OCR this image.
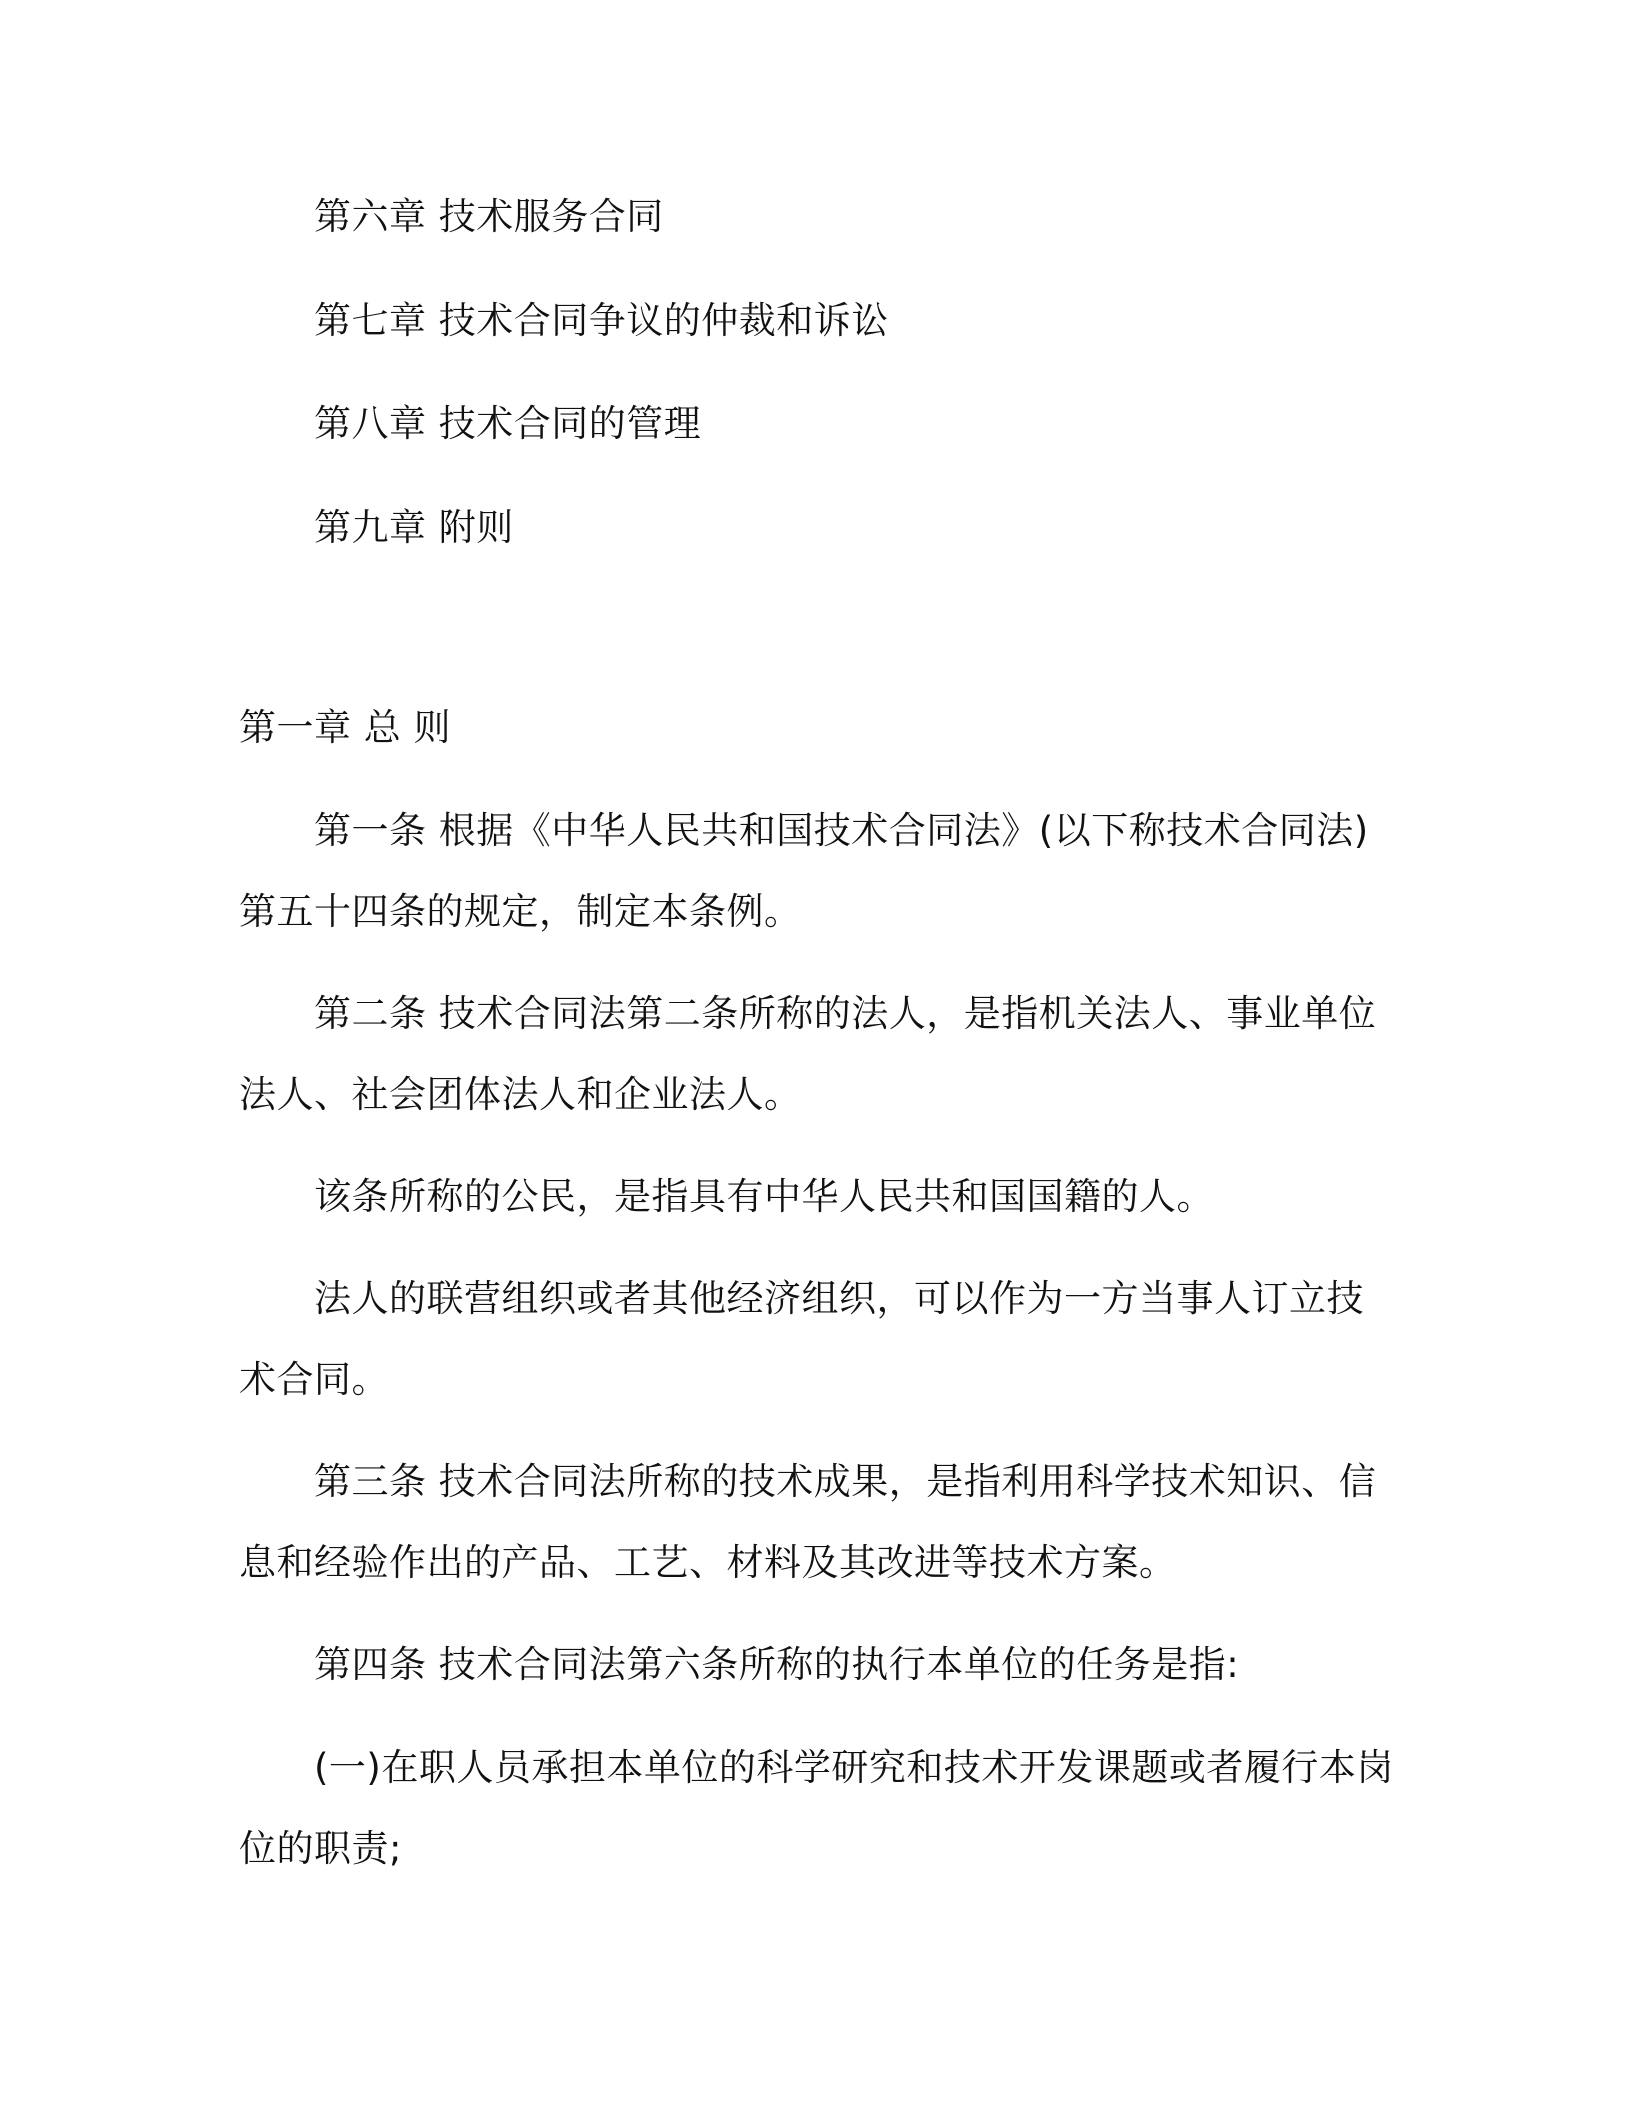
第六章 技术服务合同
第七章 技术合同争议的仲裁和诉讼
第八章 技术合同的管理
第九章 附则
第一章 总 则
第一条 根据《中华人民共和国技术合同法》(以下称技术合同法)
第五十四条的规定，制定本条例。
第二条 技术合同法第二条所称的法人，是指机关法人、事业单位
法人、社会团体法人和企业法人。
该条所称的公民，是指具有中华人民共和国国籍的人。
法人的联营组织或者其他经济组织，可以作为一方当事人订立技
术合同。
第三条 技术合同法所称的技术成果，是指利用科学技术知识、信
息和经验作出的产品、工艺、材料及其改进等技术方案。
第四条 技术合同法第六条所称的执行本单位的任务是指:
(一)在职人员承担本单位的科学研究和技术开发课题或者履行本岗
位的职责;
